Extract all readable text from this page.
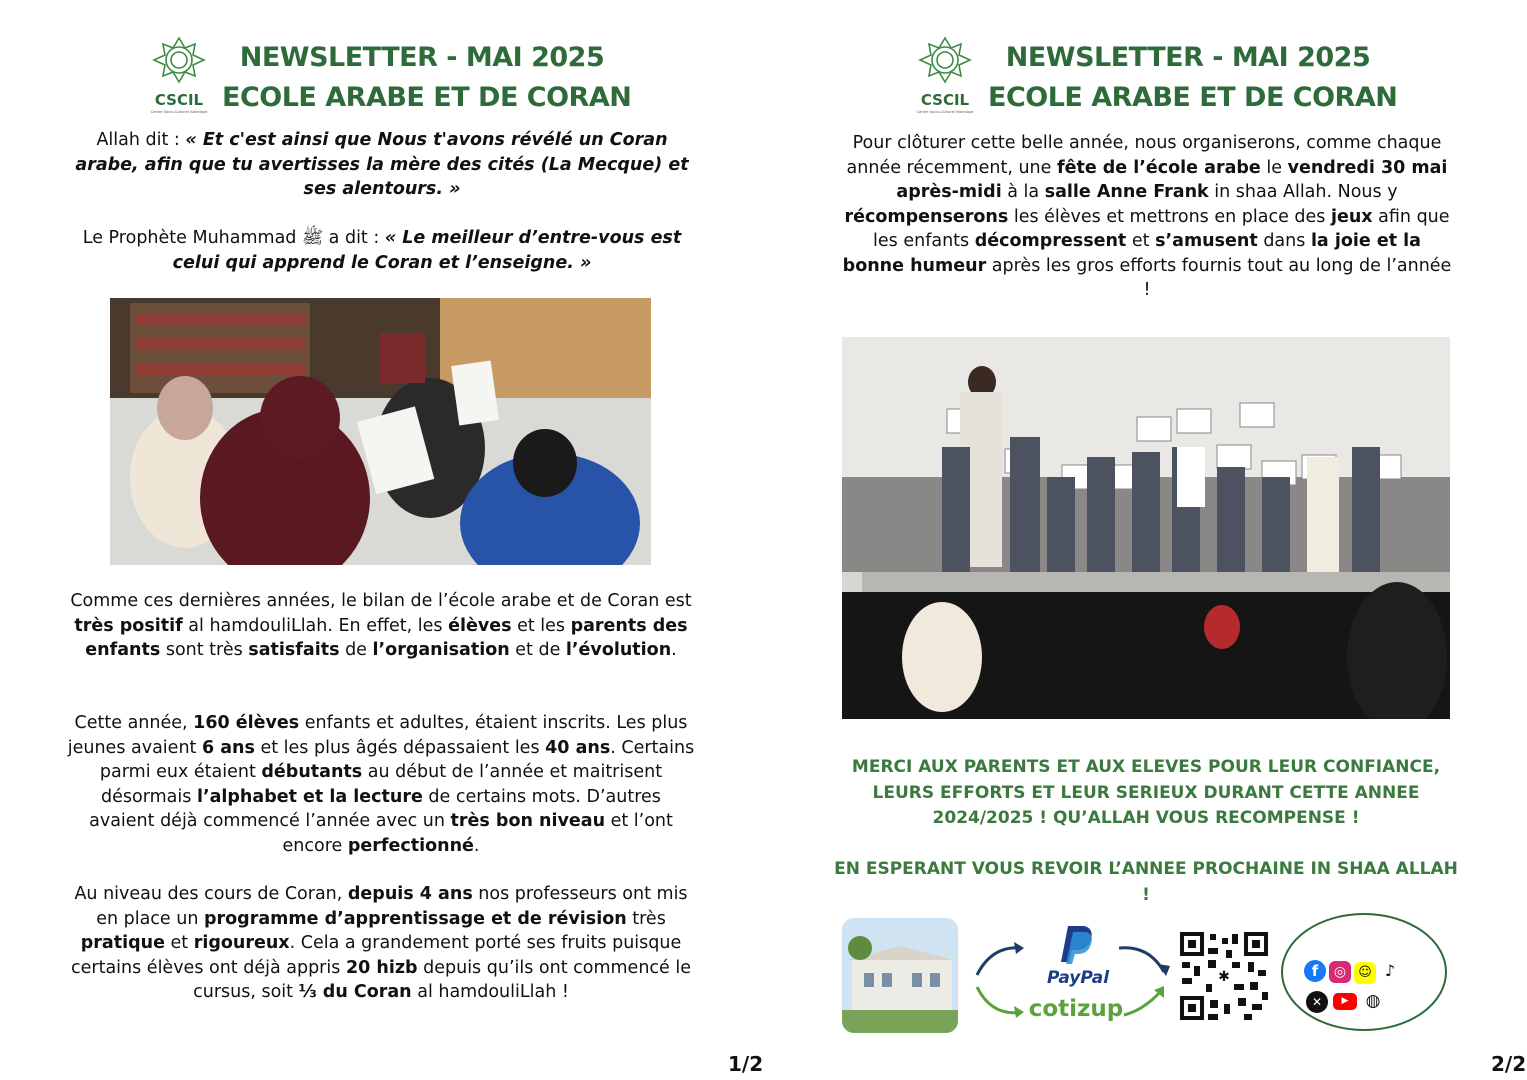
CSCIL
Centre Socio-Culturel Islamique
NEWSLETTER - MAI 2025
ECOLE ARABE ET DE CORAN
Allah dit : « Et c'est ainsi que Nous t'avons révélé un Coran arabe, afin que tu avertisses la mère des cités (La Mecque) et ses alentours. »
Le Prophète Muhammad ﷺ a dit : « Le meilleur d’entre-vous est celui qui apprend le Coran et l’enseigne. »
Comme ces dernières années, le bilan de l’école arabe et de Coran est très positif al hamdouliLlah. En effet, les élèves et les parents des enfants sont très satisfaits de l’organisation et de l’évolution.
Cette année, 160 élèves enfants et adultes, étaient inscrits. Les plus jeunes avaient 6 ans et les plus âgés dépassaient les 40 ans. Certains parmi eux étaient débutants au début de l’année et maitrisent désormais l’alphabet et la lecture de certains mots. D’autres avaient déjà commencé l’année avec un très bon niveau et l’ont encore perfectionné.
Au niveau des cours de Coran, depuis 4 ans nos professeurs ont mis en place un programme d’apprentissage et de révision très pratique et rigoureux. Cela a grandement porté ses fruits puisque certains élèves ont déjà appris 20 hizb depuis qu’ils ont commencé le cursus, soit ⅓ du Coran al hamdouliLlah !
1/2
CSCIL
Centre Socio-Culturel Islamique
NEWSLETTER - MAI 2025
ECOLE ARABE ET DE CORAN
Pour clôturer cette belle année, nous organiserons, comme chaque année récemment, une fête de l’école arabe le vendredi 30 mai après-midi à la salle Anne Frank in shaa Allah. Nous y récompenserons les élèves et mettrons en place des jeux afin que les enfants décompressent et s’amusent dans la joie et la bonne humeur après les gros efforts fournis tout au long de l’année !
MERCI AUX PARENTS ET AUX ELEVES POUR LEUR CONFIANCE, LEURS EFFORTS ET LEUR SERIEUX DURANT CETTE ANNEE 2024/2025 ! QU’ALLAH VOUS RECOMPENSE !
EN ESPERANT VOUS REVOIR L’ANNEE PROCHAINE IN SHAA ALLAH !
PayPal
cotizup
✱	f ◎ ☺ ♪
✕ ▶ ◍
2/2
